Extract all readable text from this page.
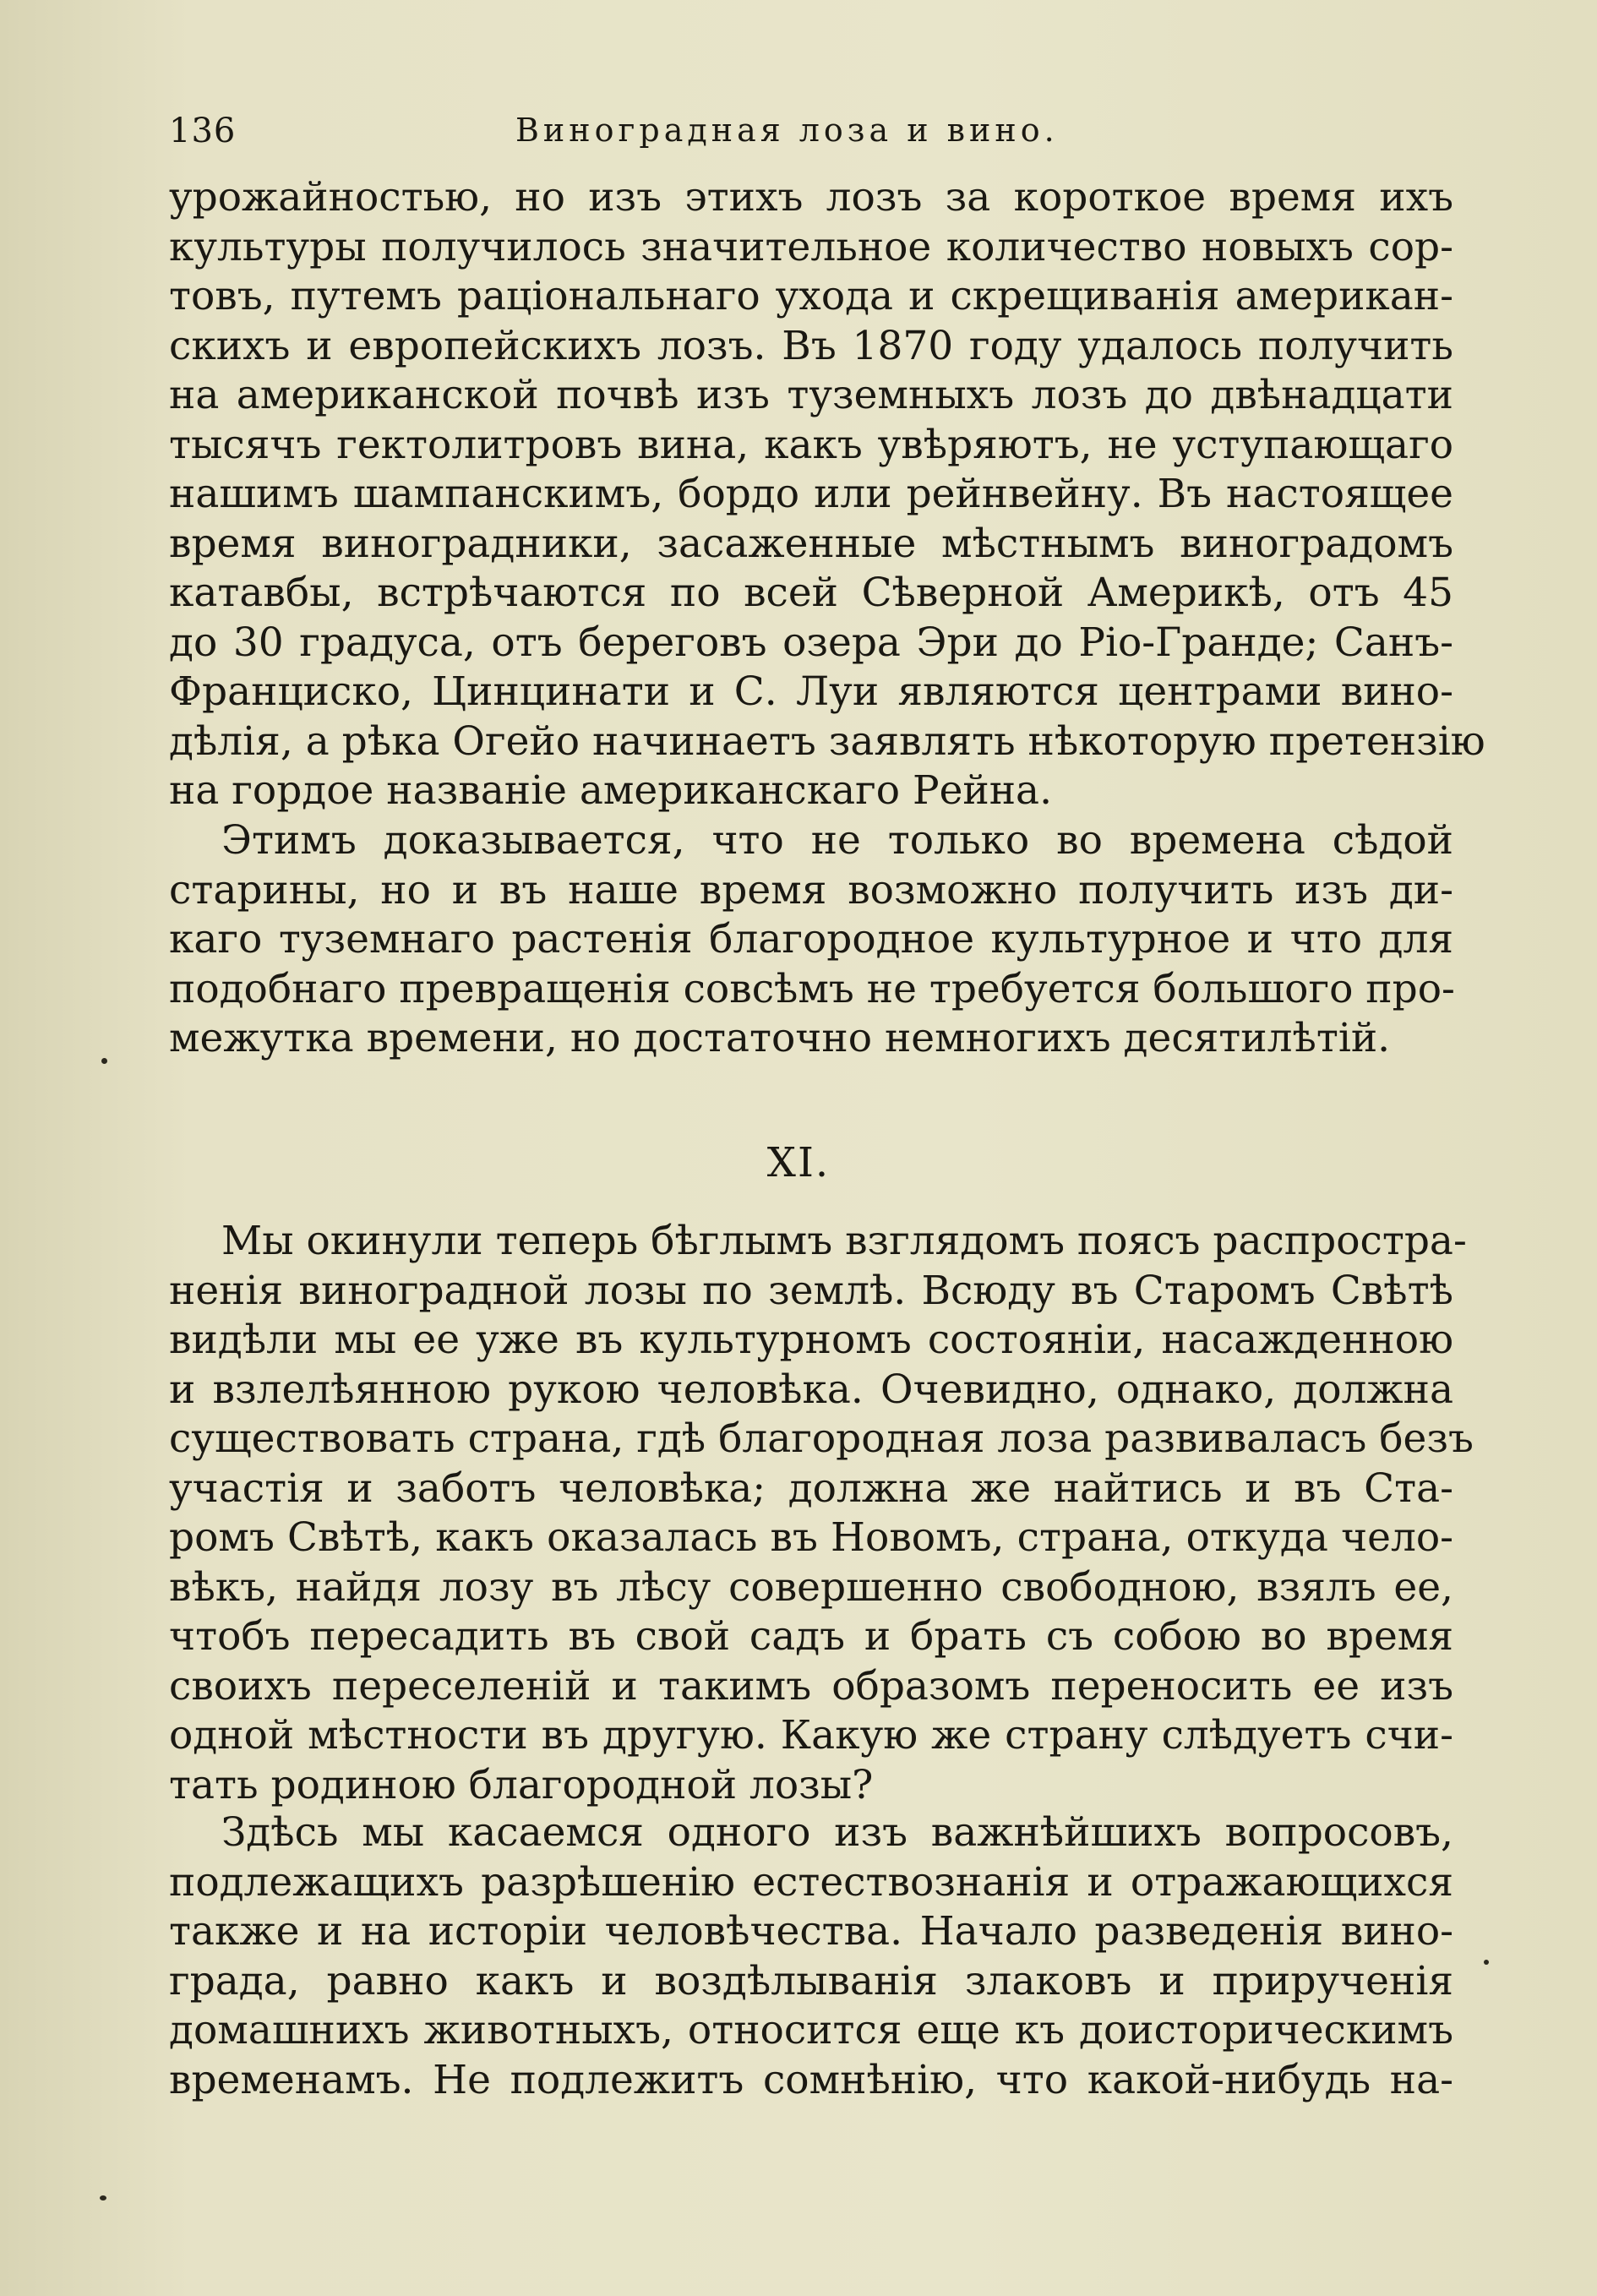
136	Виноградная лоза и вино.
урожайностью, но изъ этихъ лозъ за короткое время ихъ
культуры получилось значительное количество новыхъ сор-
товъ, путемъ раціональнаго ухода и скрещиванія американ-
скихъ и европейскихъ лозъ. Въ 1870 году удалось получить
на американской почвѣ изъ туземныхъ лозъ до двѣнадцати
тысячъ гектолитровъ вина, какъ увѣряютъ, не уступающаго
нашимъ шампанскимъ, бордо или рейнвейну. Въ настоящее
время виноградники, засаженные мѣстнымъ виноградомъ
катавбы, встрѣчаются по всей Сѣверной Америкѣ, отъ 45
до 30 градуса, отъ береговъ озера Эри до Ріо-Гранде; Санъ-
Франциско, Цинцинати и С. Луи являются центрами вино-
дѣлія, а рѣка Огейо начинаетъ заявлять нѣкоторую претензію
на гордое названіе американскаго Рейна.
Этимъ доказывается, что не только во времена сѣдой
старины, но и въ наше время возможно получить изъ ди-
каго туземнаго растенія благородное культурное и что для
подобнаго превращенія совсѣмъ не требуется большого про-
межутка времени, но достаточно немногихъ десятилѣтій.
XI.
Мы окинули теперь бѣглымъ взглядомъ поясъ распростра-
ненія виноградной лозы по землѣ. Всюду въ Старомъ Свѣтѣ
видѣли мы ее уже въ культурномъ состояніи, насажденною
и взлелѣянною рукою человѣка. Очевидно, однако, должна
существовать страна, гдѣ благородная лоза развиваласъ безъ
участія и заботъ человѣка; должна же найтись и въ Ста-
ромъ Свѣтѣ, какъ оказалась въ Новомъ, страна, откуда чело-
вѣкъ, найдя лозу въ лѣсу совершенно свободною, взялъ ее,
чтобъ пересадить въ свой садъ и брать съ собою во время
своихъ переселеній и такимъ образомъ переносить ее изъ
одной мѣстности въ другую. Какую же страну слѣдуетъ счи-
тать родиною благородной лозы?
Здѣсь мы касаемся одного изъ важнѣйшихъ вопросовъ,
подлежащихъ разрѣшенію естествознанія и отражающихся
также и на исторіи человѣчества. Начало разведенія вино-
града, равно какъ и воздѣлыванія злаковъ и прирученія
домашнихъ животныхъ, относится еще къ доисторическимъ
временамъ. Не подлежитъ сомнѣнію, что какой-нибудь на-
